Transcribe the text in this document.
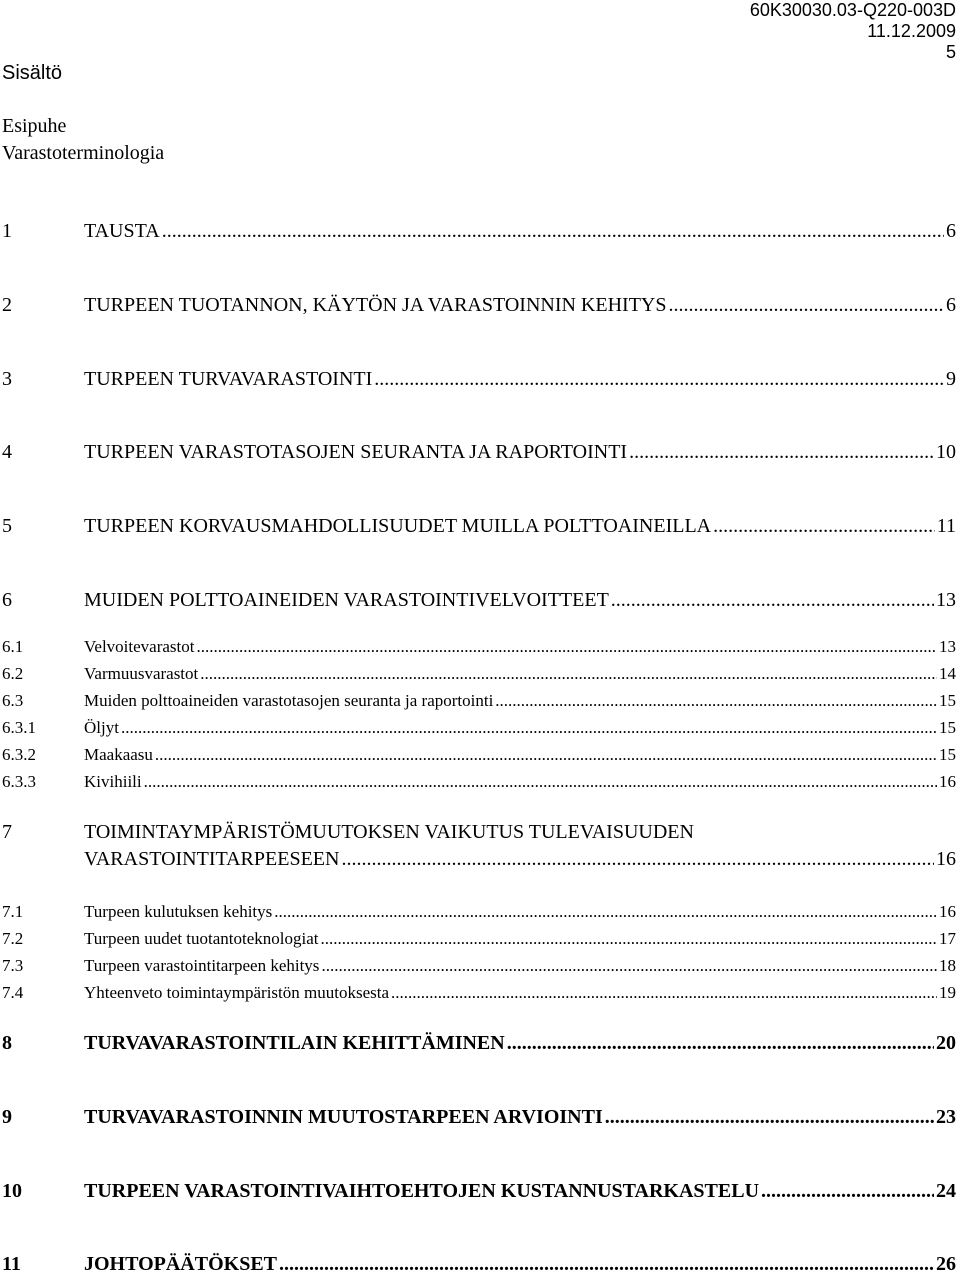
60K30030.03-Q220-003D
11.12.2009
5
Sisältö
Esipuhe
Varastoterminologia
1	TAUSTA .....	6
2	TURPEEN TUOTANNON, KÄYTÖN JA VARASTOINNIN KEHITYS .....	6
3	TURPEEN TURVAVARASTOINTI .....	9
4	TURPEEN VARASTOTASOJEN SEURANTA JA RAPORTOINTI .....	10
5	TURPEEN KORVAUSMAHDOLLISUUDET MUILLA POLTTOAINEILLA .....	11
6	MUIDEN POLTTOAINEIDEN VARASTOINTIVELVOITTEET .....	13
6.1	Velvoitevarastot .....	13
6.2	Varmuusvarastot .....	14
6.3	Muiden polttoaineiden varastotasojen seuranta ja raportointi .....	15
6.3.1	Öljyt .....	15
6.3.2	Maakaasu .....	15
6.3.3	Kivihiili .....	16
7	TOIMINTAYMPÄRISTÖMUUTOKSEN VAIKUTUS TULEVAISUUDEN
VARASTOINTITARPEESEEN .....	16
7.1	Turpeen kulutuksen kehitys .....	16
7.2	Turpeen uudet tuotantoteknologiat .....	17
7.3	Turpeen varastointitarpeen kehitys .....	18
7.4	Yhteenveto toimintaympäristön muutoksesta .....	19
8	TURVAVARASTOINTILAIN KEHITTÄMINEN .....	20
9	TURVAVARASTOINNIN MUUTOSTARPEEN ARVIOINTI .....	23
10	TURPEEN VARASTOINTIVAIHTOEHTOJEN KUSTANNUSTARKASTELU .....	24
11	JOHTOPÄÄTÖKSET .....	26
